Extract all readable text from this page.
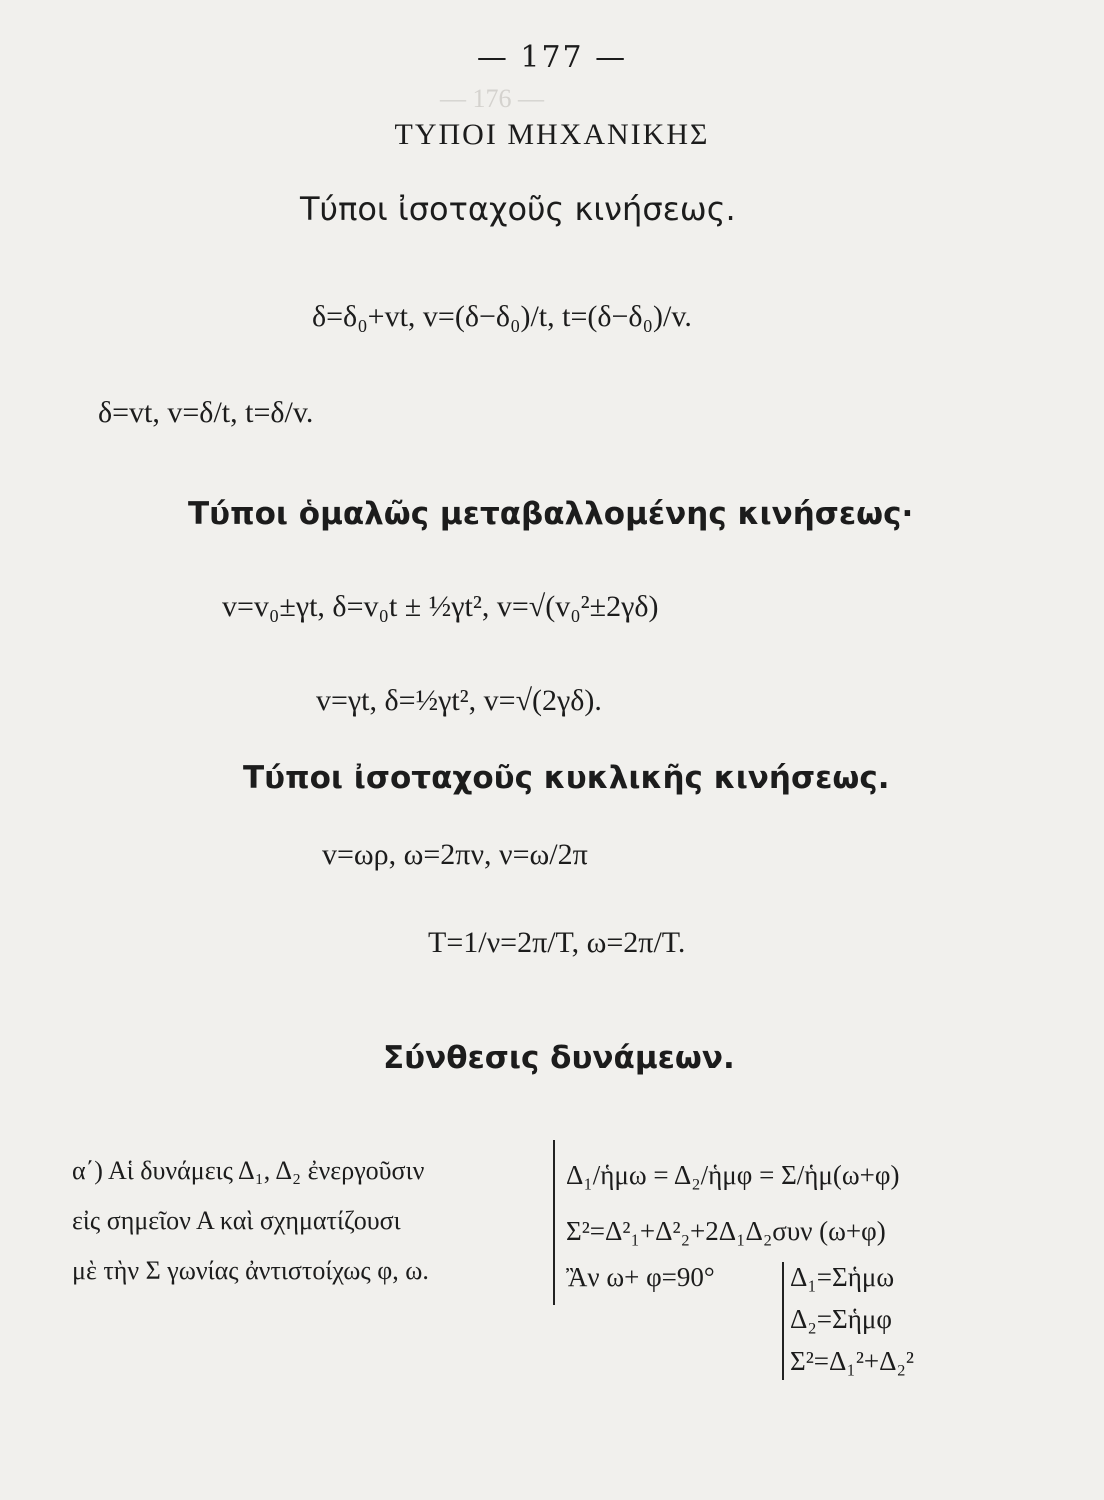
— 176 —
— 177 —
ΤΥΠΟΙ ΜΗΧΑΝΙΚΗΣ
Τύποι ἰσοταχοῦς κινήσεως.
δ=δ₀+vt, v=(δ−δ₀)/t, t=(δ−δ₀)/v.
δ=vt, v=δ/t, t=δ/v.
Τύποι ὁμαλῶς μεταβαλλομένης κινήσεως·
v=v₀±γt, δ=v₀t ± ½γt², v=√(v₀²±2γδ)
v=γt, δ=½γt², v=√(2γδ).
Τύποι ἰσοταχοῦς κυκλικῆς κινήσεως.
v=ωρ, ω=2πν, ν=ω/2π
T=1/ν=2π/T, ω=2π/T.
Σύνθεσις δυνάμεων.
α΄) Αἱ δυνάμεις Δ₁, Δ₂ ἐνεργοῦσιν
εἰς σημεῖον Α καὶ σχηματίζουσι
μὲ τὴν Σ γωνίας ἀντιστοίχως φ, ω.
Δ₁/ἡμω = Δ₂/ἡμφ = Σ/ἡμ(ω+φ)
Σ²=Δ²₁+Δ²₂+2Δ₁Δ₂συν (ω+φ)
Ἂν ω+ φ=90°	Δ₁=Σἡμω
Δ₂=Σἡμφ
Σ²=Δ₁²+Δ₂²
